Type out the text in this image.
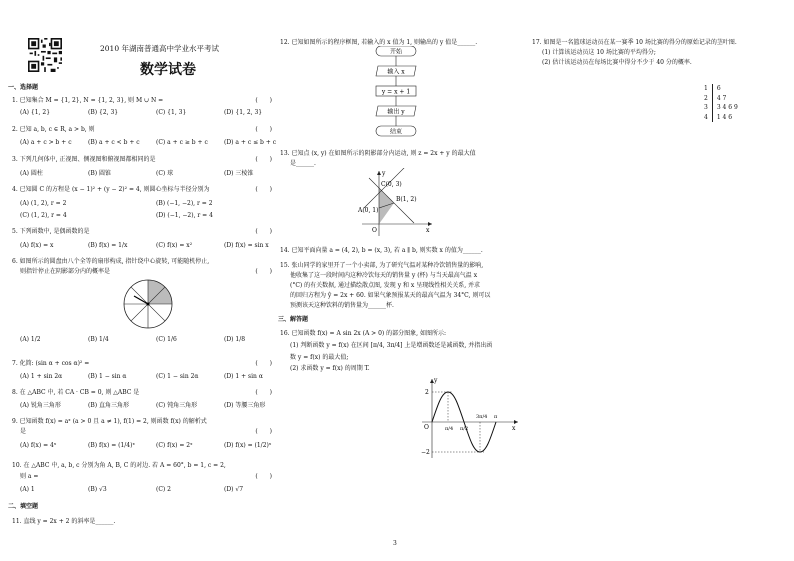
2010 年湖南普通高中学业水平考试
数学试卷
一、选择题
1. 已知集合 M = {1, 2}, N = {1, 2, 3}, 则 M ∪ N =	(　　)
(A) {1, 2}	(B) {2, 3}	(C) {1, 3}	(D) {1, 2, 3}
2. 已知 a, b, c ∈ R, a > b, 则	(　　)
(A) a + c > b + c	(B) a + c < b + c	(C) a + c ≥ b + c	(D) a + c ≤ b + c
3. 下列几何体中, 正视图、侧视图和俯视图都相同的是	(　　)
(A) 圆柱	(B) 圆锥	(C) 球	(D) 三棱锥
4. 已知圆 C 的方程是 (x − 1)² + (y − 2)² = 4, 则圆心坐标与半径分别为	(　　)
(A) (1, 2), r = 2	(B) (−1, −2), r = 2
(C) (1, 2), r = 4	(D) (−1, −2), r = 4
5. 下列函数中, 是偶函数的是	(　　)
(A) f(x) = x	(B) f(x) = 1/x	(C) f(x) = x²	(D) f(x) = sin x
6. 如图所示的圆盘由八个全等的扇形构成, 指针绕中心旋转, 可能随机停止,
则指针停止在阴影部分内的概率是	(　　)
(A) 1/2	(B) 1/4	(C) 1/6	(D) 1/8
7. 化简: (sin α + cos α)² =	(　　)
(A) 1 + sin 2α	(B) 1 − sin α	(C) 1 − sin 2α	(D) 1 + sin α
8. 在 △ABC 中, 若 CA · CB = 0, 则 △ABC 是	(　　)
(A) 锐角三角形	(B) 直角三角形	(C) 钝角三角形	(D) 等腰三角形
9. 已知函数 f(x) = aˣ (a > 0 且 a ≠ 1), f(1) = 2, 则函数 f(x) 的解析式
是	(　　)
(A) f(x) = 4ˣ	(B) f(x) = (1/4)ˣ	(C) f(x) = 2ˣ	(D) f(x) = (1/2)ˣ
10. 在 △ABC 中, a, b, c 分别为角 A, B, C 的对边. 若 A = 60°, b = 1, c = 2,
则 a =	(　　)
(A) 1	(B) √3	(C) 2	(D) √7
二、填空题
11. 直线 y = 2x + 2 的斜率是______.
12. 已知如图所示的程序框图, 若输入的 x 值为 1, 则输出的 y 值是______.
开始
输入 x
y = x + 1
输出 y
结束
13. 已知点 (x, y) 在如图所示的阴影部分内运动, 则 z = 2x + y 的最大值
是______.
C(0, 3)
B(1, 2)
A(0, 1)
O	x
y
14. 已知平面向量 a = (4, 2), b = (x, 3), 若 a ∥ b, 则实数 x 的值为______.
15. 张山同学的家里开了一个小卖部, 为了研究气温对某种冷饮销售量的影响,
他收集了这一段时间内这种冷饮每天的销售量 y (杯) 与当天最高气温 x
(°C) 的有关数据, 通过描绘散点图, 发现 y 和 x 呈现线性相关关系, 并求
的回归方程为 ŷ = 2x + 60. 如果气象预报某天的最高气温为 34°C, 则可以
预测该天这种饮料的销售量为______杯.
三、解答题
16. 已知函数 f(x) = A sin 2x (A > 0) 的部分图象, 如图所示:
(1) 判断函数 y = f(x) 在区间 [π/4, 3π/4] 上是增函数还是减函数, 并指出函
数 y = f(x) 的最大值;
(2) 求函数 y = f(x) 的周期 T.
y
2
O
−2
π/4 π/2
3π/4 π
x
17. 如图是一名篮球运动员在某一赛季 10 场比赛的得分的原始记录的茎叶图.
(1) 计算该运动员这 10 场比赛的平均得分;
(2) 估计该运动员在每场比赛中得分不少于 40 分的概率.
1	6
2	4 7
3	3 4 6 9
4	1 4 6
3
